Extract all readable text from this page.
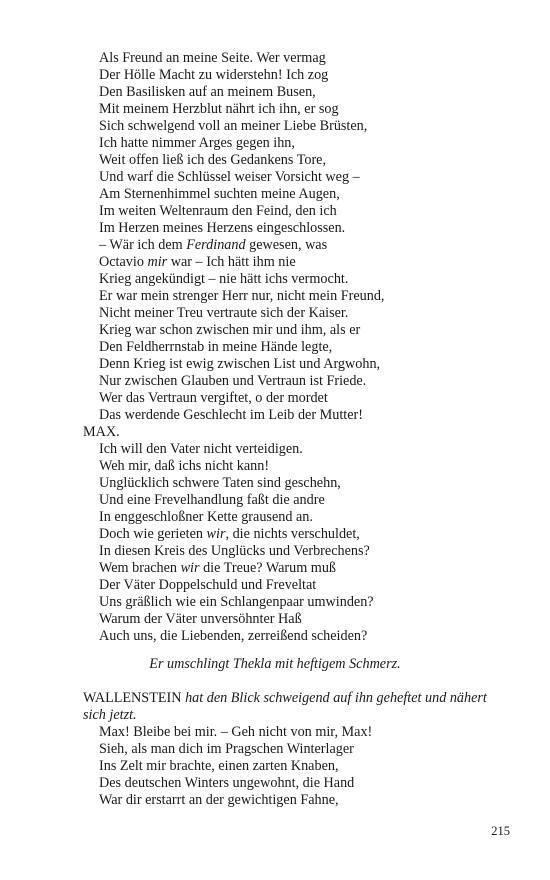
Als Freund an meine Seite. Wer vermag
Der Hölle Macht zu widerstehn! Ich zog
Den Basilisken auf an meinem Busen,
Mit meinem Herzblut nährt ich ihn, er sog
Sich schwelgend voll an meiner Liebe Brüsten,
Ich hatte nimmer Arges gegen ihn,
Weit offen ließ ich des Gedankens Tore,
Und warf die Schlüssel weiser Vorsicht weg –
Am Sternenhimmel suchten meine Augen,
Im weiten Weltenraum den Feind, den ich
Im Herzen meines Herzens eingeschlossen.
– Wär ich dem Ferdinand gewesen, was
Octavio mir war – Ich hätt ihm nie
Krieg angekündigt – nie hätt ichs vermocht.
Er war mein strenger Herr nur, nicht mein Freund,
Nicht meiner Treu vertraute sich der Kaiser.
Krieg war schon zwischen mir und ihm, als er
Den Feldherrnstab in meine Hände legte,
Denn Krieg ist ewig zwischen List und Argwohn,
Nur zwischen Glauben und Vertraun ist Friede.
Wer das Vertraun vergiftet, o der mordet
Das werdende Geschlecht im Leib der Mutter!
MAX.
Ich will den Vater nicht verteidigen.
Weh mir, daß ichs nicht kann!
Unglücklich schwere Taten sind geschehn,
Und eine Frevelhandlung faßt die andre
In enggeschloßner Kette grausend an.
Doch wie gerieten wir, die nichts verschuldet,
In diesen Kreis des Unglücks und Verbrechens?
Wem brachen wir die Treue? Warum muß
Der Väter Doppelschuld und Freveltat
Uns gräßlich wie ein Schlangenpaar umwinden?
Warum der Väter unversöhnter Haß
Auch uns, die Liebenden, zerreißend scheiden?
Er umschlingt Thekla mit heftigem Schmerz.
WALLENSTEIN hat den Blick schweigend auf ihn geheftet und nähert
sich jetzt.
Max! Bleibe bei mir. – Geh nicht von mir, Max!
Sieh, als man dich im Pragschen Winterlager
Ins Zelt mir brachte, einen zarten Knaben,
Des deutschen Winters ungewohnt, die Hand
War dir erstarrt an der gewichtigen Fahne,
215
